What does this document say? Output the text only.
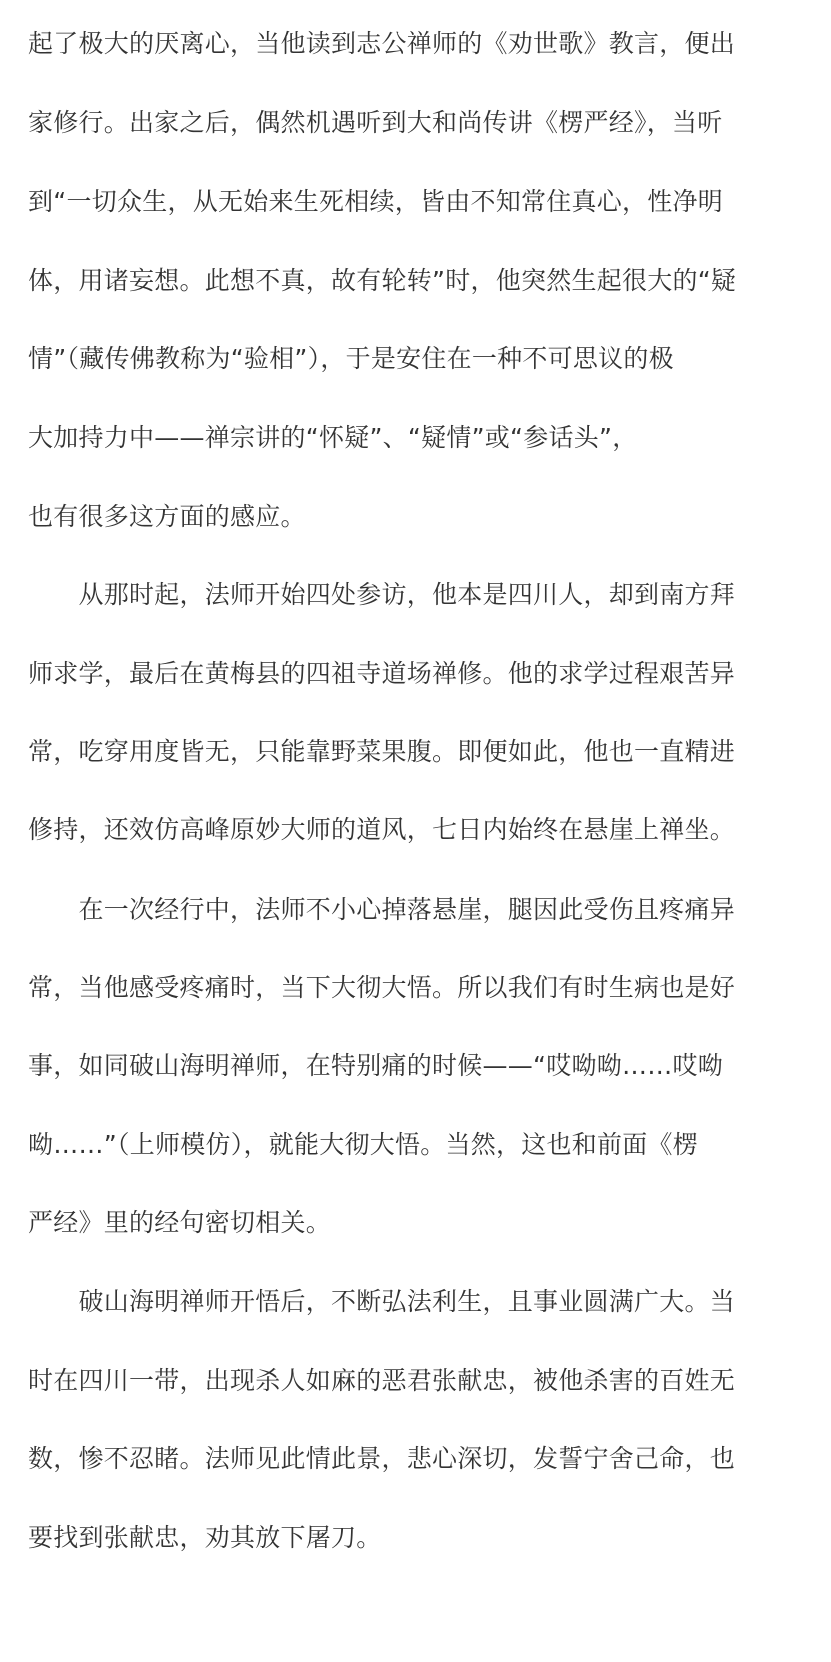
起了极大的厌离心，当他读到志公禅师的《劝世歌》教言，便出
家修行。出家之后，偶然机遇听到大和尚传讲《楞严经》，当听
到“一切众生，从无始来生死相续，皆由不知常住真心，性净明
体，用诸妄想。此想不真，故有轮转”时，他突然生起很大的“疑
情”（藏传佛教称为“验相”），于是安住在一种不可思议的极
大加持力中——禅宗讲的“怀疑”、“疑情”或“参话头”，
也有很多这方面的感应。
　　从那时起，法师开始四处参访，他本是四川人，却到南方拜
师求学，最后在黄梅县的四祖寺道场禅修。他的求学过程艰苦异
常，吃穿用度皆无，只能靠野菜果腹。即便如此，他也一直精进
修持，还效仿高峰原妙大师的道风，七日内始终在悬崖上禅坐。
　　在一次经行中，法师不小心掉落悬崖，腿因此受伤且疼痛异
常，当他感受疼痛时，当下大彻大悟。所以我们有时生病也是好
事，如同破山海明禅师，在特别痛的时候——“哎呦呦……哎呦
呦……”（上师模仿），就能大彻大悟。当然，这也和前面《楞
严经》里的经句密切相关。
　　破山海明禅师开悟后，不断弘法利生，且事业圆满广大。当
时在四川一带，出现杀人如麻的恶君张献忠，被他杀害的百姓无
数，惨不忍睹。法师见此情此景，悲心深切，发誓宁舍己命，也
要找到张献忠，劝其放下屠刀。
